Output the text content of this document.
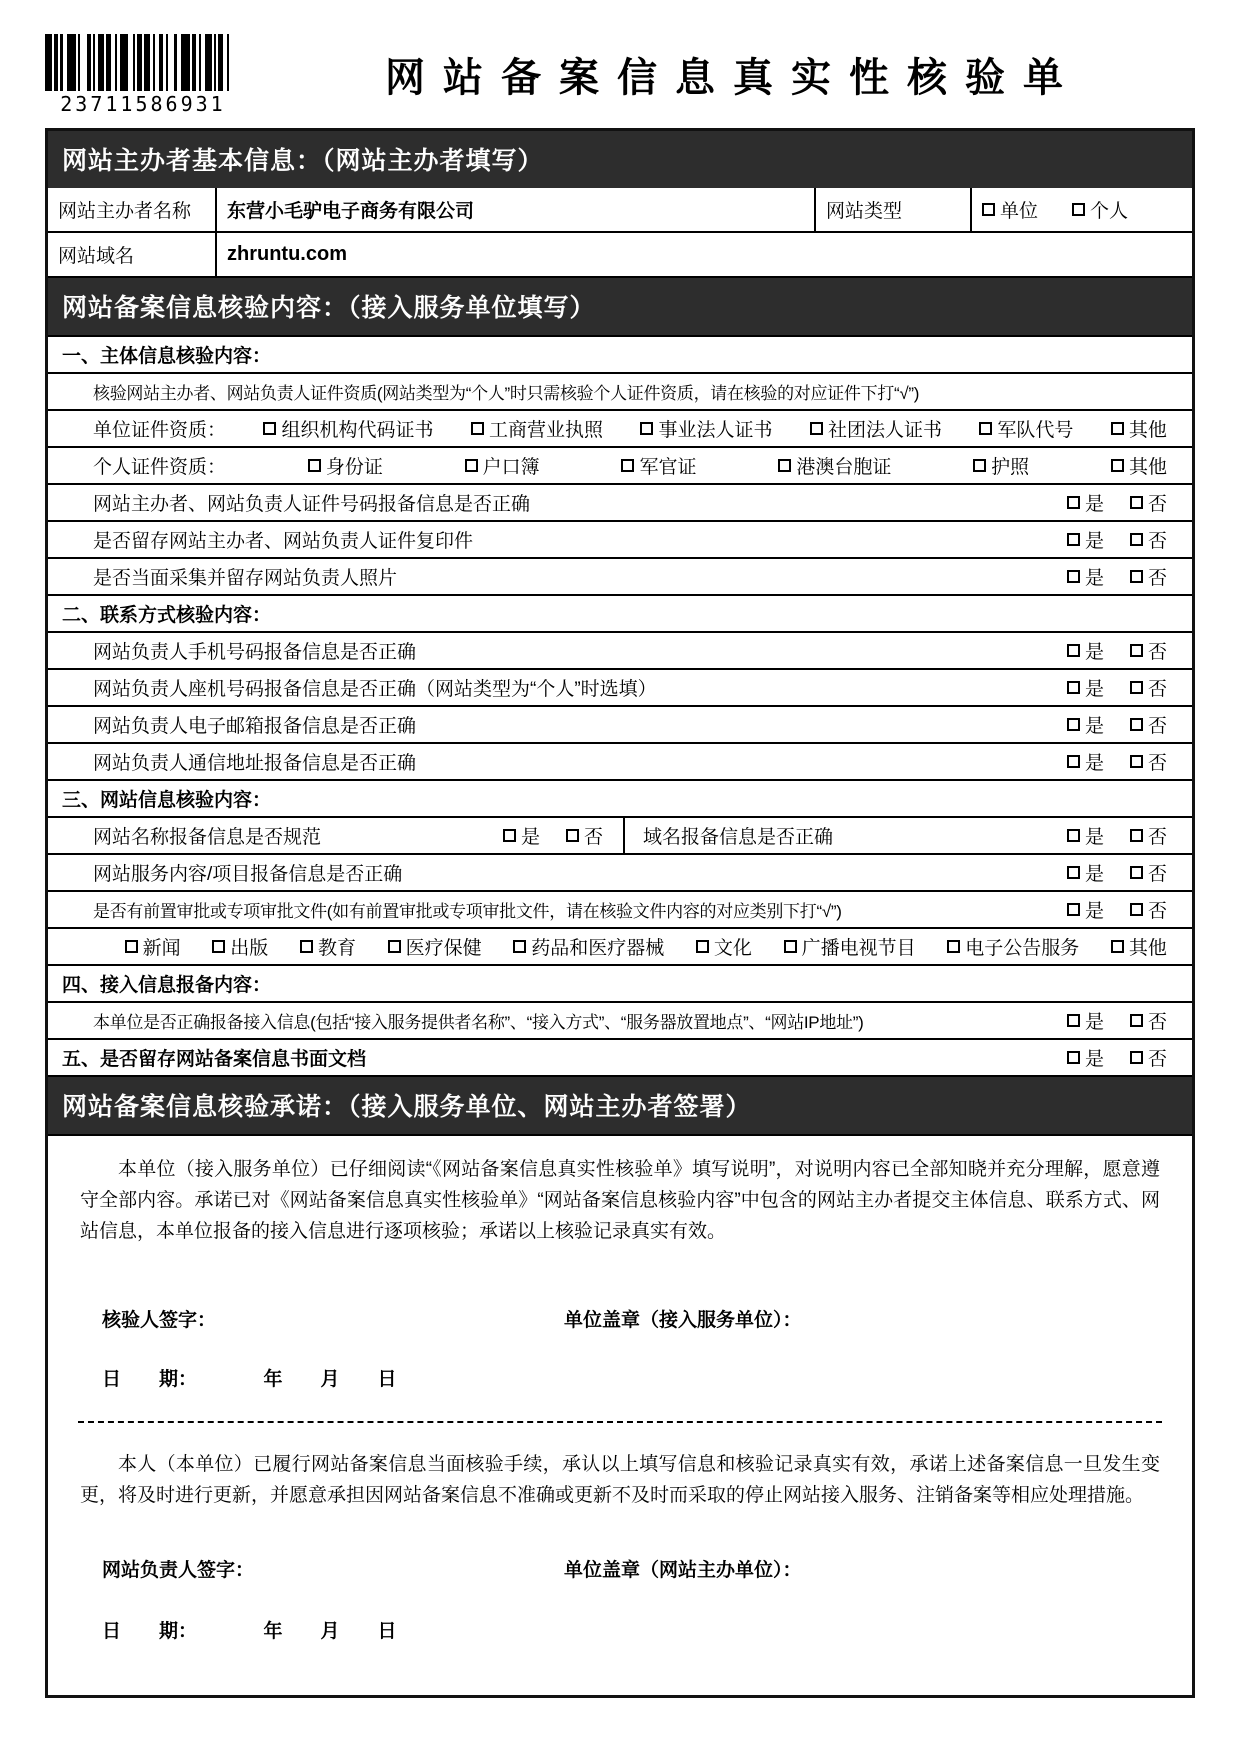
23711586931
网站备案信息真实性核验单
网站主办者基本信息：（网站主办者填写）
网站主办者名称	东营小毛驴电子商务有限公司	网站类型	单位	个人
网站域名	zhruntu.com
网站备案信息核验内容：（接入服务单位填写）
一、主体信息核验内容：
核验网站主办者、网站负责人证件资质(网站类型为“个人”时只需核验个人证件资质，请在核验的对应证件下打“√”)
单位证件资质：	组织机构代码证书	工商营业执照	事业法人证书	社团法人证书	军队代号	其他
个人证件资质：	身份证	户口簿	军官证	港澳台胞证	护照	其他
网站主办者、网站负责人证件号码报备信息是否正确	是 否
是否留存网站主办者、网站负责人证件复印件	是 否
是否当面采集并留存网站负责人照片	是 否
二、联系方式核验内容：
网站负责人手机号码报备信息是否正确	是 否
网站负责人座机号码报备信息是否正确（网站类型为“个人”时选填）	是 否
网站负责人电子邮箱报备信息是否正确	是 否
网站负责人通信地址报备信息是否正确	是 否
三、网站信息核验内容：
网站名称报备信息是否规范	是 否	域名报备信息是否正确	是 否
网站服务内容/项目报备信息是否正确	是 否
是否有前置审批或专项审批文件(如有前置审批或专项审批文件，请在核验文件内容的对应类别下打“√”)	是 否
新闻	出版	教育	医疗保健	药品和医疗器械	文化	广播电视节目	电子公告服务	其他
四、接入信息报备内容：
本单位是否正确报备接入信息(包括“接入服务提供者名称”、“接入方式”、“服务器放置地点”、“网站IP地址”)	是 否
五、是否留存网站备案信息书面文档	是 否
网站备案信息核验承诺：（接入服务单位、网站主办者签署）

本单位（接入服务单位）已仔细阅读“《网站备案信息真实性核验单》填写说明”，对说明内容已全部知晓并充分理解，愿意遵守全部内容。承诺已对《网站备案信息真实性核验单》“网站备案信息核验内容”中包含的网站主办者提交主体信息、联系方式、网站信息，本单位报备的接入信息进行逐项核验；承诺以上核验记录真实有效。

核验人签字：	单位盖章（接入服务单位）：
日　　期：　　　　年　　月　　日

本人（本单位）已履行网站备案信息当面核验手续，承认以上填写信息和核验记录真实有效，承诺上述备案信息一旦发生变更，将及时进行更新，并愿意承担因网站备案信息不准确或更新不及时而采取的停止网站接入服务、注销备案等相应处理措施。

网站负责人签字：	单位盖章（网站主办单位）：
日　　期：　　　　年　　月　　日
